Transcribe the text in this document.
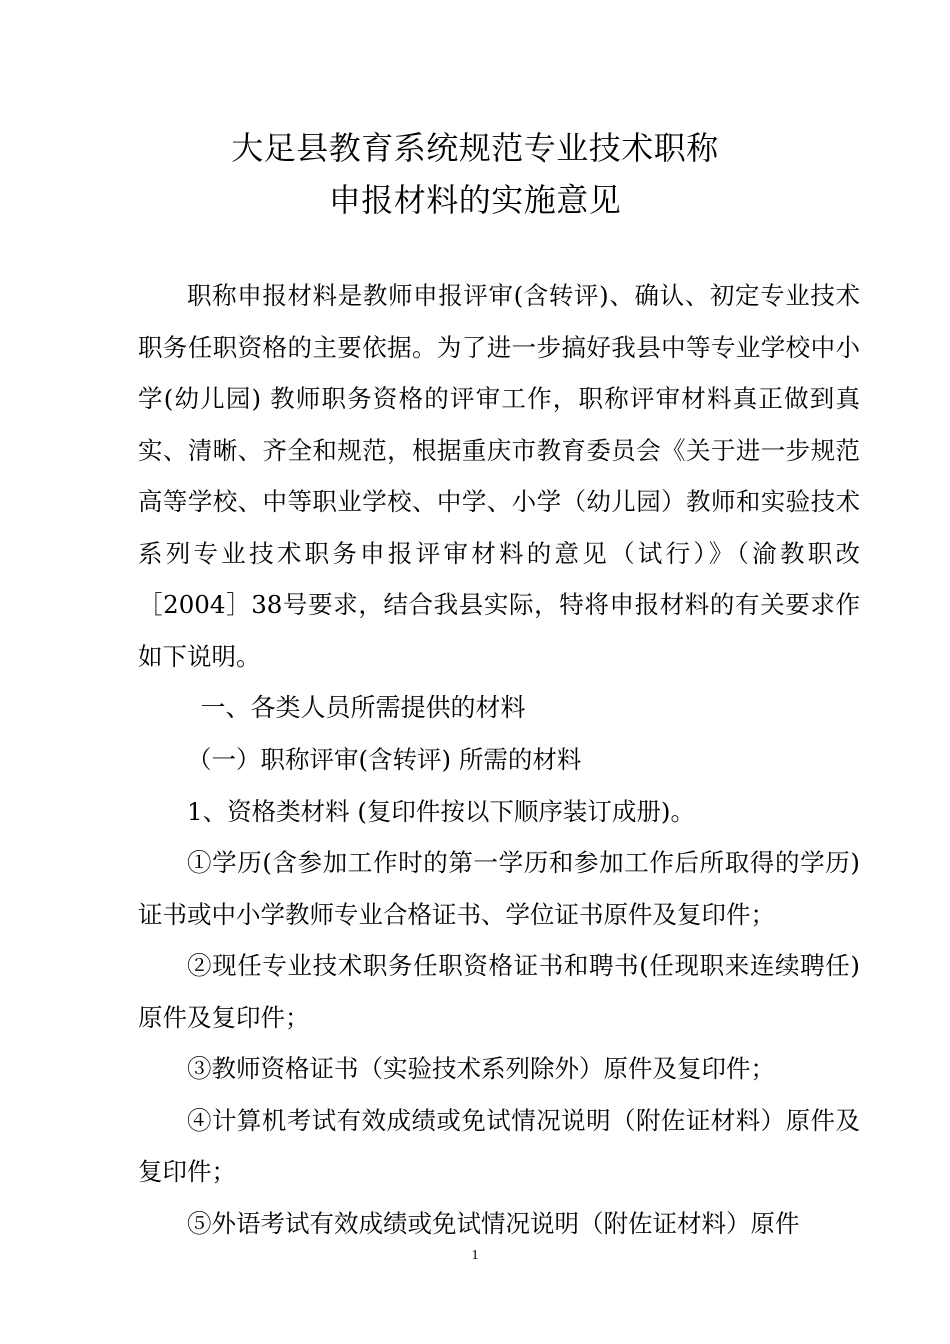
大足县教育系统规范专业技术职称
申报材料的实施意见

职称申报材料是教师申报评审(含转评)、确认、初定专业技术职务任职资格的主要依据。为了进一步搞好我县中等专业学校中小学(幼儿园) 教师职务资格的评审工作，职称评审材料真正做到真实、清晰、齐全和规范，根据重庆市教育委员会《关于进一步规范高等学校、中等职业学校、中学、小学（幼儿园）教师和实验技术系列专业技术职务申报评审材料的意见（试行）》（渝教职改［2004］38号要求，结合我县实际，特将申报材料的有关要求作如下说明。

一、各类人员所需提供的材料

（一）职称评审(含转评) 所需的材料

1、资格类材料 (复印件按以下顺序装订成册)。

①学历(含参加工作时的第一学历和参加工作后所取得的学历) 证书或中小学教师专业合格证书、学位证书原件及复印件；

②现任专业技术职务任职资格证书和聘书(任现职来连续聘任)原件及复印件；

③教师资格证书（实验技术系列除外）原件及复印件；

④计算机考试有效成绩或免试情况说明（附佐证材料）原件及复印件；

⑤外语考试有效成绩或免试情况说明（附佐证材料）原件

1
